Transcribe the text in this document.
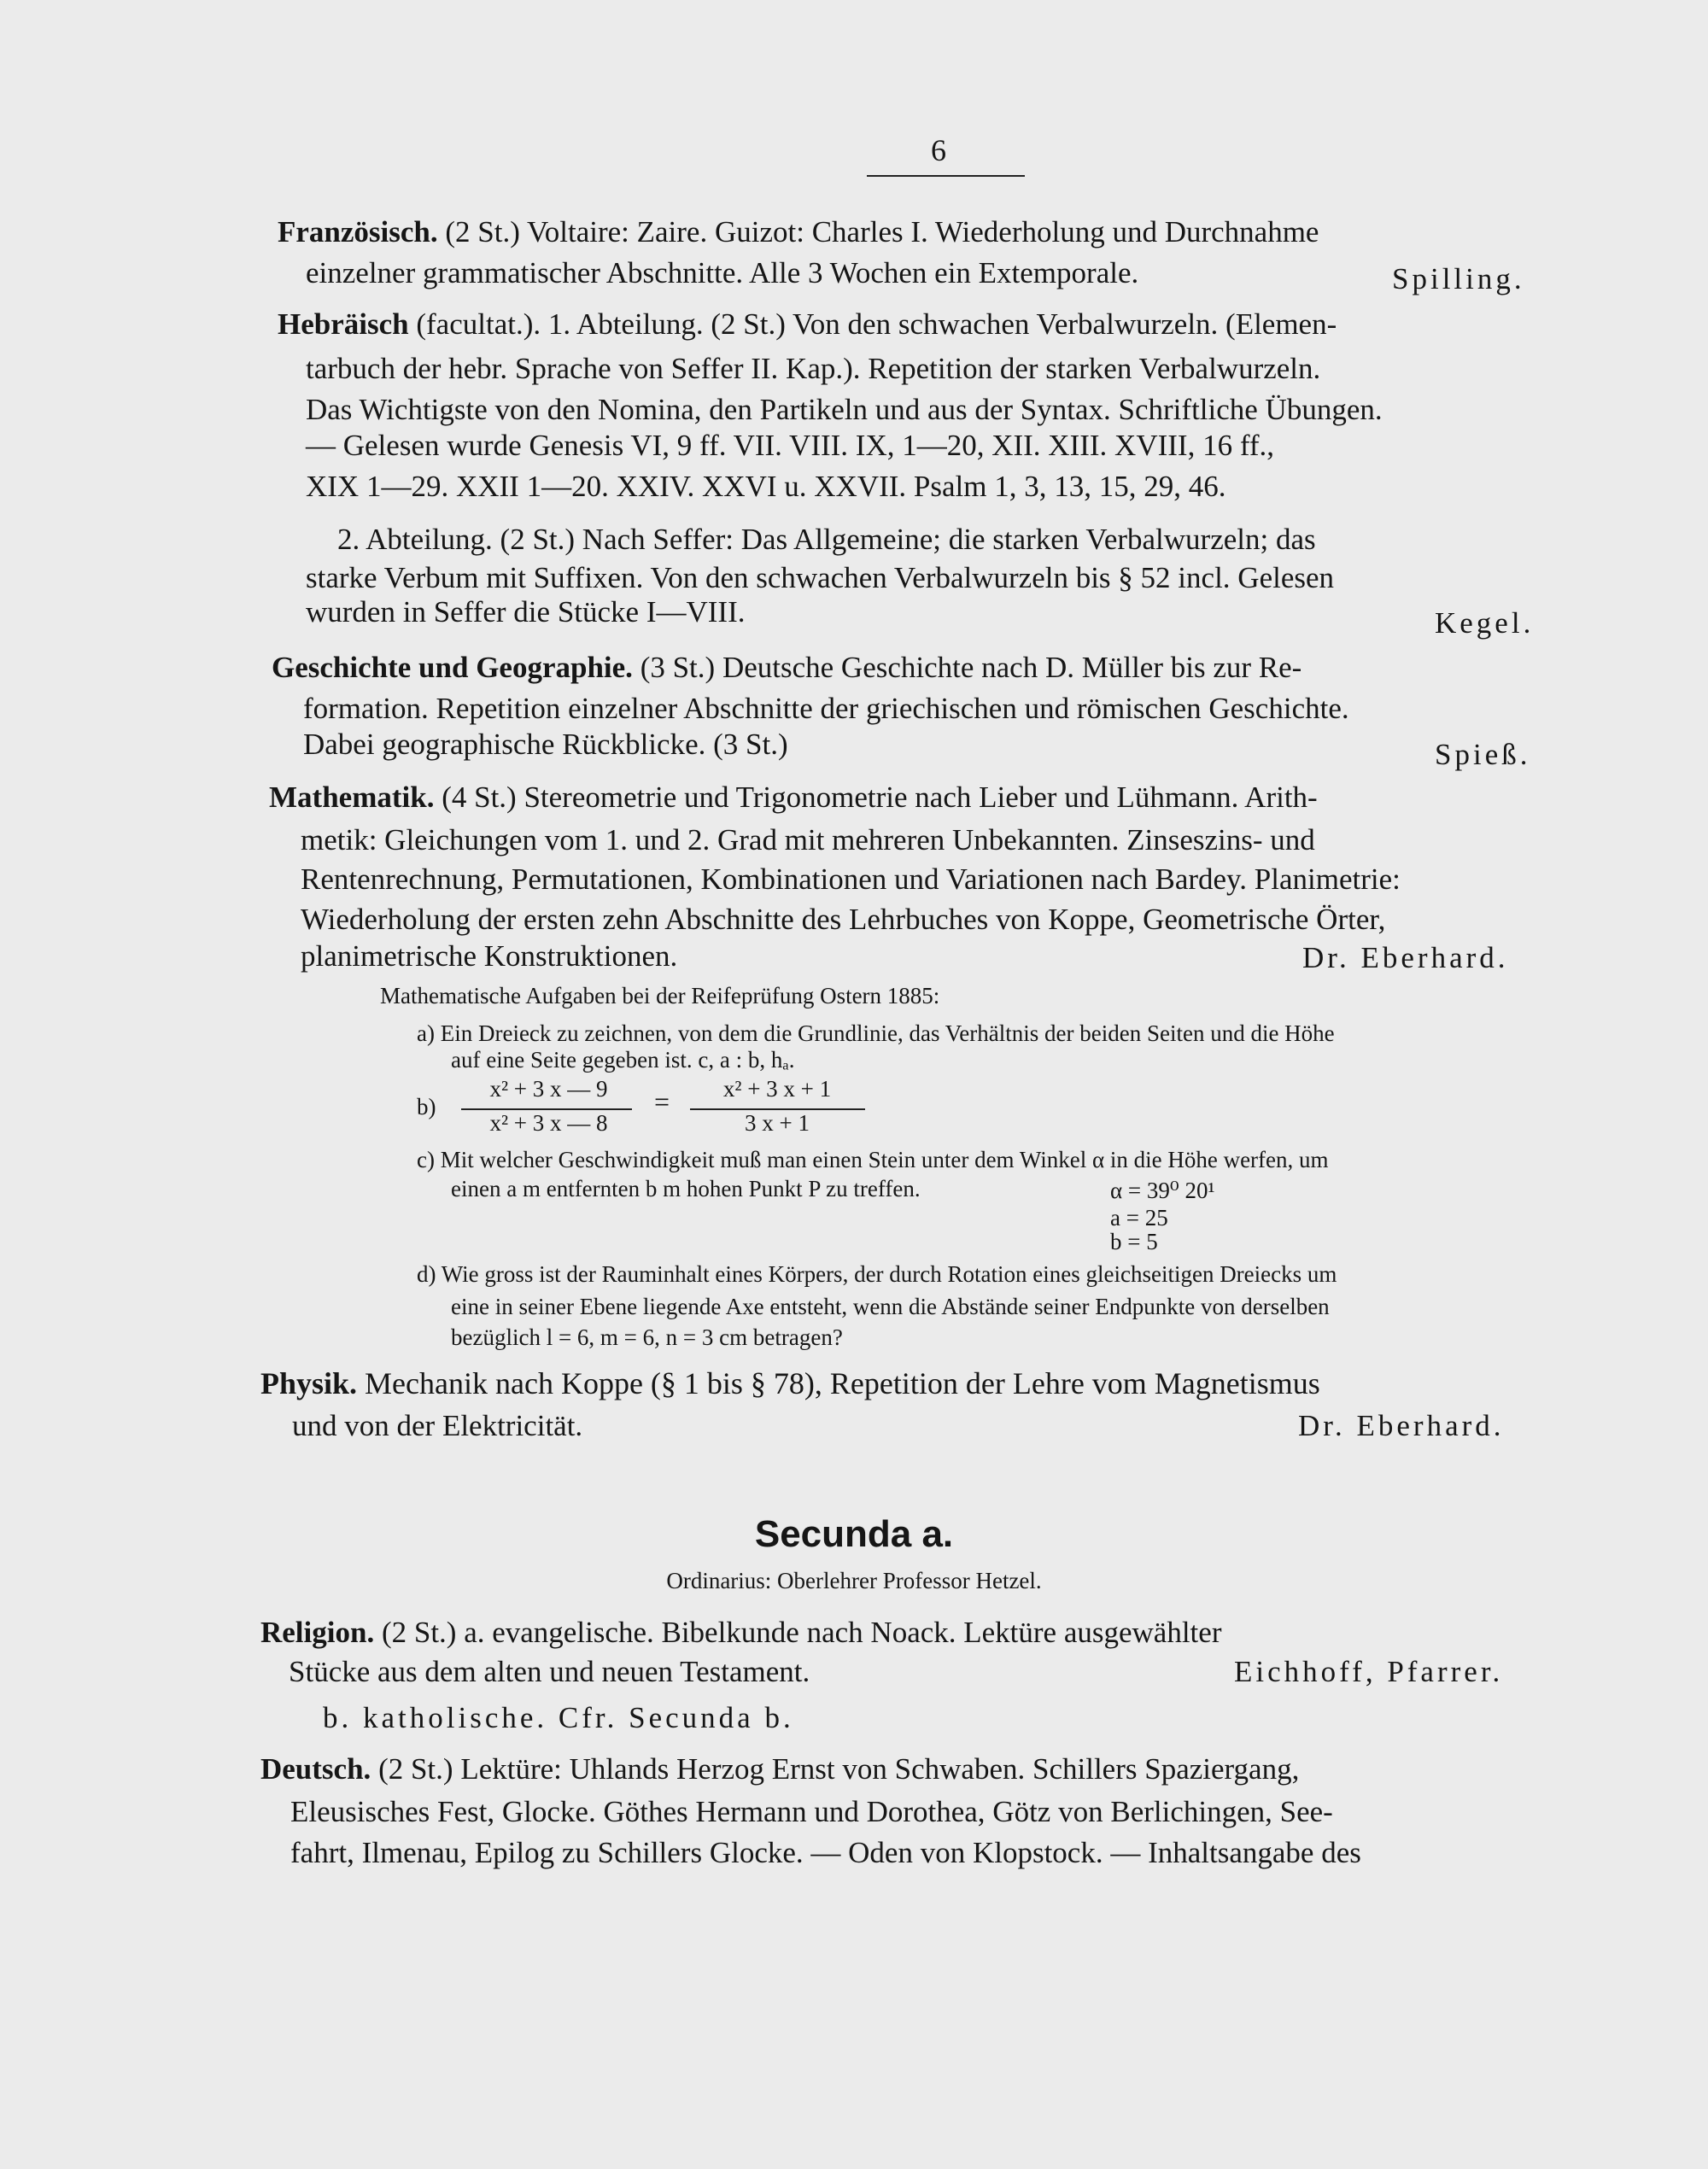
6
Französisch. (2 St.) Voltaire: Zaire. Guizot: Charles I. Wiederholung und Durchnahme
einzelner grammatischer Abschnitte. Alle 3 Wochen ein Extemporale.	Spilling.
Hebräisch (facultat.). 1. Abteilung. (2 St.) Von den schwachen Verbalwurzeln. (Elemen-
tarbuch der hebr. Sprache von Seffer II. Kap.). Repetition der starken Verbalwurzeln.
Das Wichtigste von den Nomina, den Partikeln und aus der Syntax. Schriftliche Übungen.
— Gelesen wurde Genesis VI, 9 ff. VII. VIII. IX, 1—20, XII. XIII. XVIII, 16 ff.,
XIX 1—29. XXII 1—20. XXIV. XXVI u. XXVII. Psalm 1, 3, 13, 15, 29, 46.
2. Abteilung. (2 St.) Nach Seffer: Das Allgemeine; die starken Verbalwurzeln; das
starke Verbum mit Suffixen. Von den schwachen Verbalwurzeln bis § 52 incl. Gelesen
wurden in Seffer die Stücke I—VIII.	Kegel.
Geschichte und Geographie. (3 St.) Deutsche Geschichte nach D. Müller bis zur Re-
formation. Repetition einzelner Abschnitte der griechischen und römischen Geschichte.
Dabei geographische Rückblicke. (3 St.)	Spieß.
Mathematik. (4 St.) Stereometrie und Trigonometrie nach Lieber und Lühmann. Arith-
metik: Gleichungen vom 1. und 2. Grad mit mehreren Unbekannten. Zinseszins- und
Rentenrechnung, Permutationen, Kombinationen und Variationen nach Bardey. Planimetrie:
Wiederholung der ersten zehn Abschnitte des Lehrbuches von Koppe, Geometrische Örter,
planimetrische Konstruktionen.	Dr. Eberhard.
Mathematische Aufgaben bei der Reifeprüfung Ostern 1885:
a) Ein Dreieck zu zeichnen, von dem die Grundlinie, das Verhältnis der beiden Seiten und die Höhe
auf eine Seite gegeben ist. c, a : b, hₐ.
b)
x² + 3 x — 9
x² + 3 x — 8
=	x² + 3 x + 1
3 x + 1
c) Mit welcher Geschwindigkeit muß man einen Stein unter dem Winkel α in die Höhe werfen, um
einen a m entfernten b m hohen Punkt P zu treffen.	α = 39⁰ 20¹
a = 25
b = 5
d) Wie gross ist der Rauminhalt eines Körpers, der durch Rotation eines gleichseitigen Dreiecks um
eine in seiner Ebene liegende Axe entsteht, wenn die Abstände seiner Endpunkte von derselben
bezüglich l = 6, m = 6, n = 3 cm betragen?
Physik. Mechanik nach Koppe (§ 1 bis § 78), Repetition der Lehre vom Magnetismus
und von der Elektricität.	Dr. Eberhard.
Secunda a.
Ordinarius: Oberlehrer Professor Hetzel.
Religion. (2 St.) a. evangelische. Bibelkunde nach Noack. Lektüre ausgewählter
Stücke aus dem alten und neuen Testament.	Eichhoff, Pfarrer.
b. katholische. Cfr. Secunda b.
Deutsch. (2 St.) Lektüre: Uhlands Herzog Ernst von Schwaben. Schillers Spaziergang,
Eleusisches Fest, Glocke. Göthes Hermann und Dorothea, Götz von Berlichingen, See-
fahrt, Ilmenau, Epilog zu Schillers Glocke. — Oden von Klopstock. — Inhaltsangabe des
